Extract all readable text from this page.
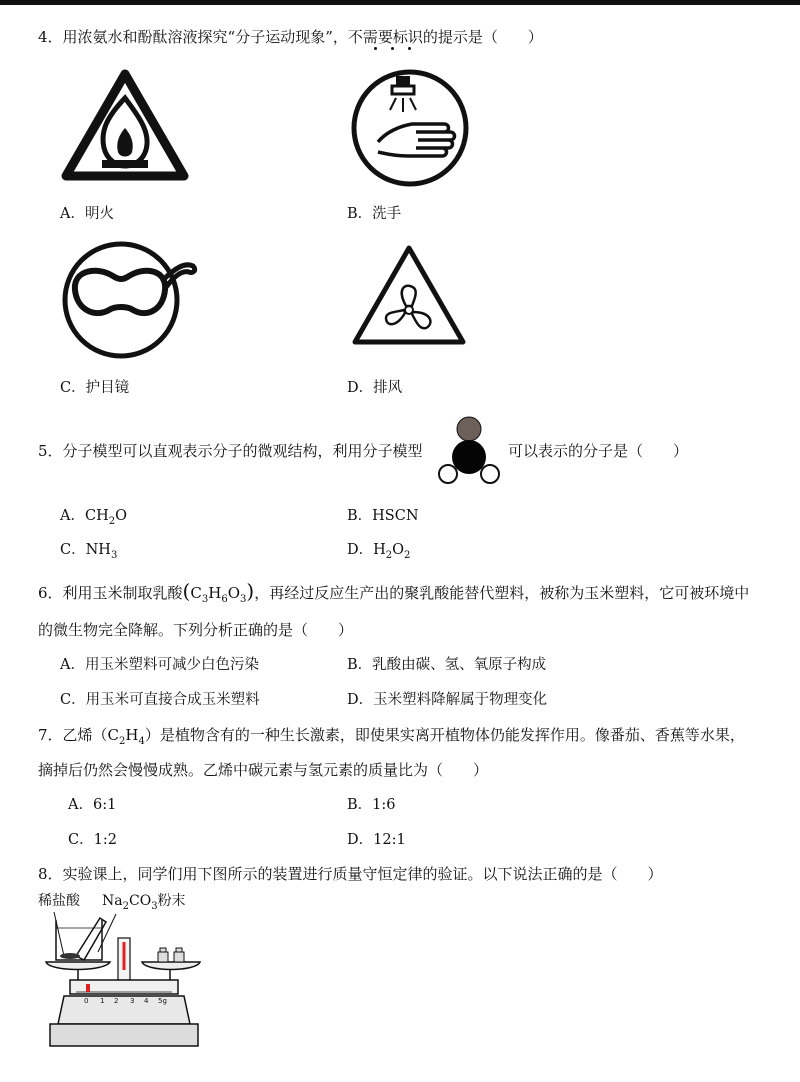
4．用浓氨水和酚酞溶液探究“分子运动现象”，不需要标识的提示是（　　）
A．明火	B．洗手
C．护目镜	D．排风
5．分子模型可以直观表示分子的微观结构，利用分子模型	可以表示的分子是（　　）
A．$CH_2O$	B．HSCN
C．$NH_3$	D．$H_2O_2$
6．利用玉米制取乳酸$(C_3H_6O_3)$，再经过反应生产出的聚乳酸能替代塑料，被称为玉米塑料，它可被环境中
的微生物完全降解。下列分析正确的是（　　）
A．用玉米塑料可减少白色污染	B．乳酸由碳、氢、氧原子构成
C．用玉米可直接合成玉米塑料	D．玉米塑料降解属于物理变化
7．乙烯$(C_2H_4)$是植物含有的一种生长激素，即使果实离开植物体仍能发挥作用。像番茄、香蕉等水果，
摘掉后仍然会慢慢成熟。乙烯中碳元素与氢元素的质量比为（　　）
A．6:1	B．1:6
C．1:2	D．12:1
8．实验课上，同学们用下图所示的装置进行质量守恒定律的验证。以下说法正确的是（　　）
稀盐酸 $Na_2CO_3$粉末
0 1 2 3 4 5g
